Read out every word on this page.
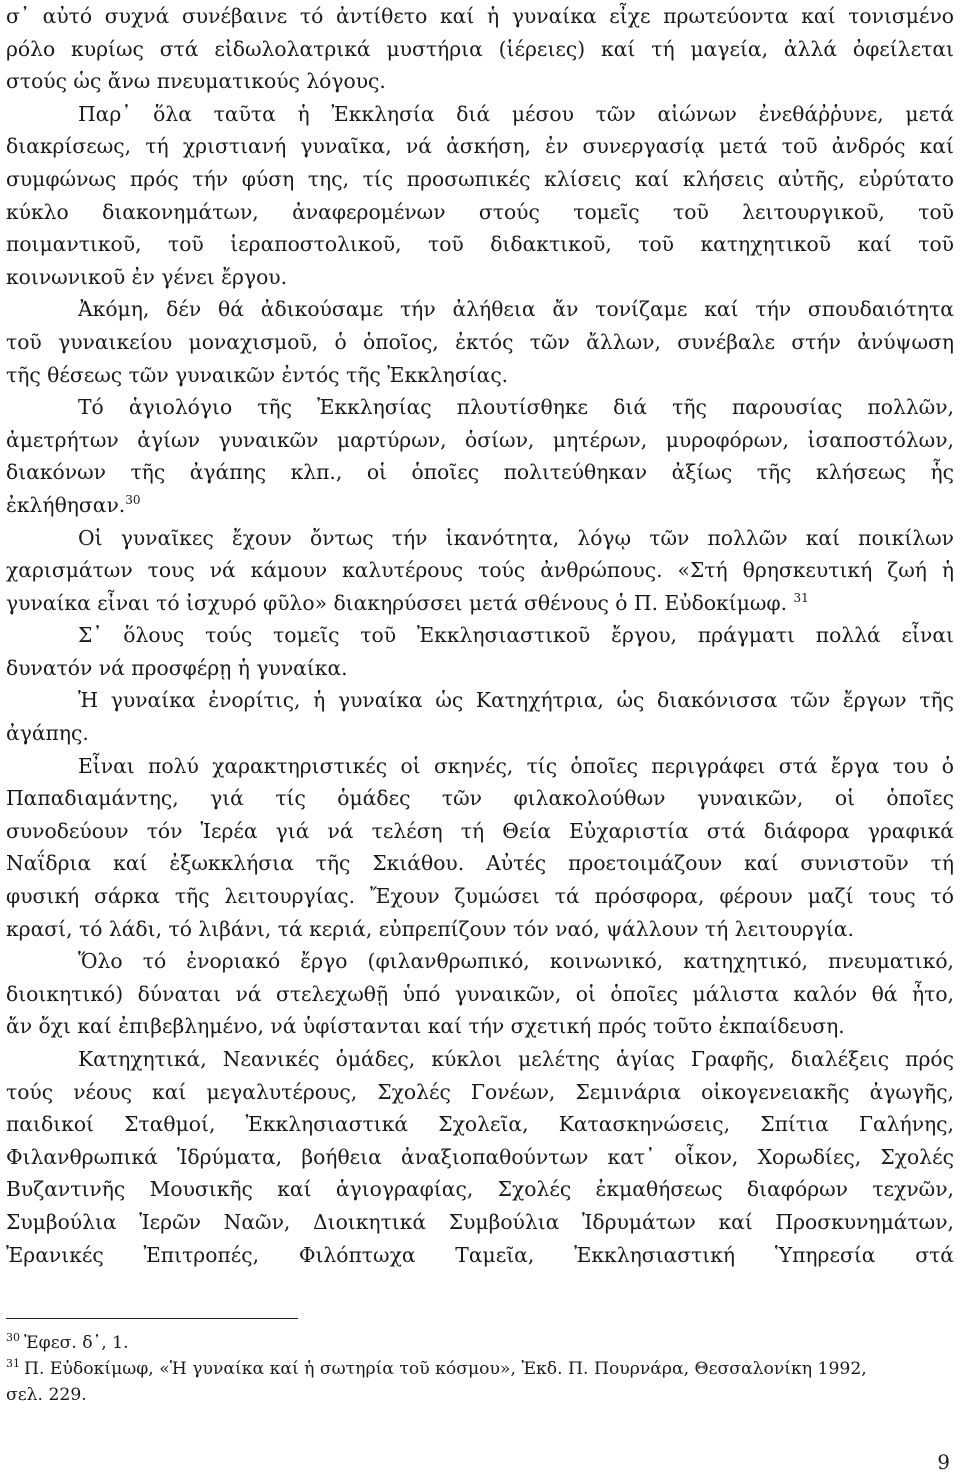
σ᾽ αὐτό συχνά συνέβαινε τό ἀντίθετο καί ἡ γυναίκα εἶχε πρωτεύοντα καί τονισμένο
ρόλο κυρίως στά εἰδωλολατρικά μυστήρια (ἱέρειες) καί τή μαγεία, ἀλλά ὀφείλεται
στούς ὡς ἄνω πνευματικούς λόγους.
Παρ᾽ ὅλα ταῦτα ἡ Ἐκκλησία διά μέσου τῶν αἰώνων ἐνεθάῤῥυνε, μετά
διακρίσεως, τή χριστιανή γυναῖκα, νά ἀσκήση, ἐν συνεργασίᾳ μετά τοῦ ἀνδρός καί
συμφώνως πρός τήν φύση της, τίς προσωπικές κλίσεις καί κλήσεις αὐτῆς, εὐρύτατο
κύκλο διακονημάτων, ἀναφερομένων στούς τομεῖς τοῦ λειτουργικοῦ, τοῦ
ποιμαντικοῦ, τοῦ ἱεραποστολικοῦ, τοῦ διδακτικοῦ, τοῦ κατηχητικοῦ καί τοῦ
κοινωνικοῦ ἐν γένει ἔργου.
Ἀκόμη, δέν θά ἀδικούσαμε τήν ἀλήθεια ἄν τονίζαμε καί τήν σπουδαιότητα
τοῦ γυναικείου μοναχισμοῦ, ὁ ὁποῖος, ἐκτός τῶν ἄλλων, συνέβαλε στήν ἀνύψωση
τῆς θέσεως τῶν γυναικῶν ἐντός τῆς Ἐκκλησίας.
Τό ἁγιολόγιο τῆς Ἐκκλησίας πλουτίσθηκε διά τῆς παρουσίας πολλῶν,
ἀμετρήτων ἁγίων γυναικῶν μαρτύρων, ὁσίων, μητέρων, μυροφόρων, ἰσαποστόλων,
διακόνων τῆς ἀγάπης κλπ., οἱ ὁποῖες πολιτεύθηκαν ἀξίως τῆς κλήσεως ἧς
ἐκλήθησαν.$^{30}$
Οἱ γυναῖκες ἔχουν ὄντως τήν ἱκανότητα, λόγῳ τῶν πολλῶν καί ποικίλων
χαρισμάτων τους νά κάμουν καλυτέρους τούς ἀνθρώπους. «Στή θρησκευτική ζωή ἡ
γυναίκα εἶναι τό ἰσχυρό φῦλο» διακηρύσσει μετά σθένους ὁ Π. Εὐδοκίμωφ. $^{31}$
Σ᾽ ὅλους τούς τομεῖς τοῦ Ἐκκλησιαστικοῦ ἔργου, πράγματι πολλά εἶναι
δυνατόν νά προσφέρῃ ἡ γυναίκα.
Ἡ γυναίκα ἐνορίτις, ἡ γυναίκα ὡς Κατηχήτρια, ὡς διακόνισσα τῶν ἔργων τῆς
ἀγάπης.
Εἶναι πολύ χαρακτηριστικές οἱ σκηνές, τίς ὁποῖες περιγράφει στά ἔργα του ὁ
Παπαδιαμάντης, γιά τίς ὁμάδες τῶν φιλακολούθων γυναικῶν, οἱ ὁποῖες
συνοδεύουν τόν Ἱερέα γιά νά τελέση τή Θεία Εὐχαριστία στά διάφορα γραφικά
Ναΐδρια καί ἐξωκκλήσια τῆς Σκιάθου. Αὐτές προετοιμάζουν καί συνιστοῦν τή
φυσική σάρκα τῆς λειτουργίας. Ἔχουν ζυμώσει τά πρόσφορα, φέρουν μαζί τους τό
κρασί, τό λάδι, τό λιβάνι, τά κεριά, εὐπρεπίζουν τόν ναό, ψάλλουν τή λειτουργία.
Ὅλο τό ἐνοριακό ἔργο (φιλανθρωπικό, κοινωνικό, κατηχητικό, πνευματικό,
διοικητικό) δύναται νά στελεχωθῇ ὑπό γυναικῶν, οἱ ὁποῖες μάλιστα καλόν θά ἦτο,
ἄν ὄχι καί ἐπιβεβλημένο, νά ὑφίστανται καί τήν σχετική πρός τοῦτο ἐκπαίδευση.
Κατηχητικά, Νεανικές ὁμάδες, κύκλοι μελέτης ἁγίας Γραφῆς, διαλέξεις πρός
τούς νέους καί μεγαλυτέρους, Σχολές Γονέων, Σεμινάρια οἰκογενειακῆς ἀγωγῆς,
παιδικοί Σταθμοί, Ἐκκλησιαστικά Σχολεῖα, Κατασκηνώσεις, Σπίτια Γαλήνης,
Φιλανθρωπικά Ἱδρύματα, βοήθεια ἀναξιοπαθούντων κατ᾽ οἶκον, Χορωδίες, Σχολές
Βυζαντινῆς Μουσικῆς καί ἁγιογραφίας, Σχολές ἐκμαθήσεως διαφόρων τεχνῶν,
Συμβούλια Ἱερῶν Ναῶν, Διοικητικά Συμβούλια Ἱδρυμάτων καί Προσκυνημάτων,
Ἐρανικές Ἐπιτροπές, Φιλόπτωχα Ταμεῖα, Ἐκκλησιαστική Ὑπηρεσία στά
$^{30}$ Ἐφεσ. δ᾽, 1.
$^{31}$ Π. Εὐδοκίμωφ, «Ἡ γυναίκα καί ἡ σωτηρία τοῦ κόσμου», Ἐκδ. Π. Πουρνάρα, Θεσσαλονίκη 1992,
σελ. 229.
9
